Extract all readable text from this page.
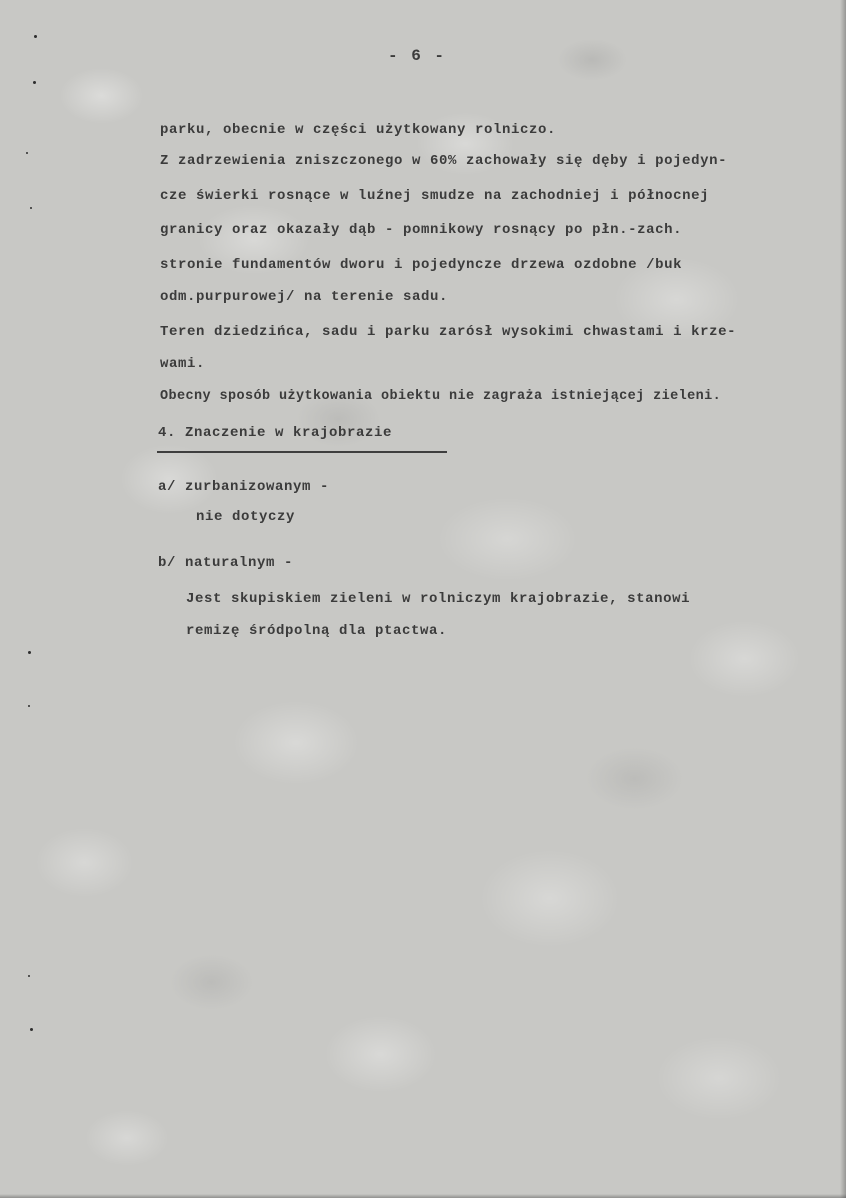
- 6 -
parku, obecnie w części użytkowany rolniczo.
Z zadrzewienia zniszczonego w 60% zachowały się dęby i pojedyn-
cze świerki rosnące w luźnej smudze na zachodniej i północnej
granicy oraz okazały dąb - pomnikowy rosnący po płn.-zach.
stronie fundamentów dworu i pojedyncze drzewa ozdobne /buk
odm.purpurowej/ na terenie sadu.
Teren dziedzińca, sadu i parku zarósł wysokimi chwastami i krze-
wami.
Obecny sposób użytkowania obiektu nie zagraża istniejącej zieleni.
4. Znaczenie w krajobrazie
a/ zurbanizowanym -
nie dotyczy
b/ naturalnym -
Jest skupiskiem zieleni w rolniczym krajobrazie, stanowi
remizę śródpolną dla ptactwa.
